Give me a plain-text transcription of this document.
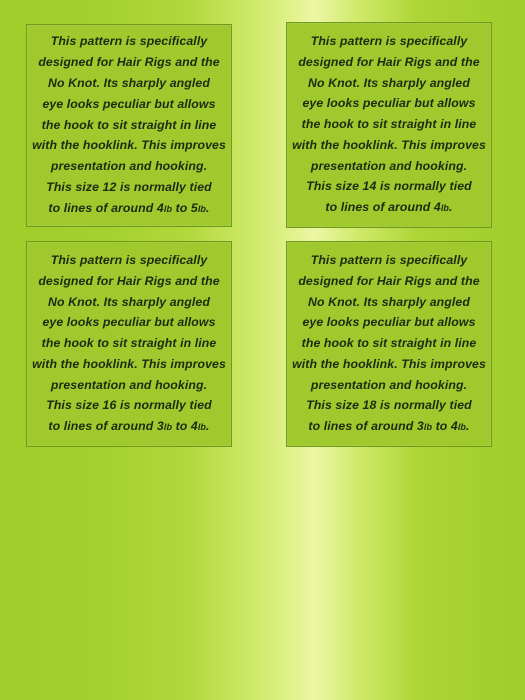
This pattern is specifically
designed for Hair Rigs and the
No Knot. Its sharply angled
eye looks peculiar but allows
the hook to sit straight in line
with the hooklink. This improves
presentation and hooking.
This size 12 is normally tied
to lines of around 4lb to 5lb.

This pattern is specifically
designed for Hair Rigs and the
No Knot. Its sharply angled
eye looks peculiar but allows
the hook to sit straight in line
with the hooklink. This improves
presentation and hooking.
This size 14 is normally tied
to lines of around 4lb.

This pattern is specifically
designed for Hair Rigs and the
No Knot. Its sharply angled
eye looks peculiar but allows
the hook to sit straight in line
with the hooklink. This improves
presentation and hooking.
This size 16 is normally tied
to lines of around 3lb to 4lb.

This pattern is specifically
designed for Hair Rigs and the
No Knot. Its sharply angled
eye looks peculiar but allows
the hook to sit straight in line
with the hooklink. This improves
presentation and hooking.
This size 18 is normally tied
to lines of around 3lb to 4lb.
